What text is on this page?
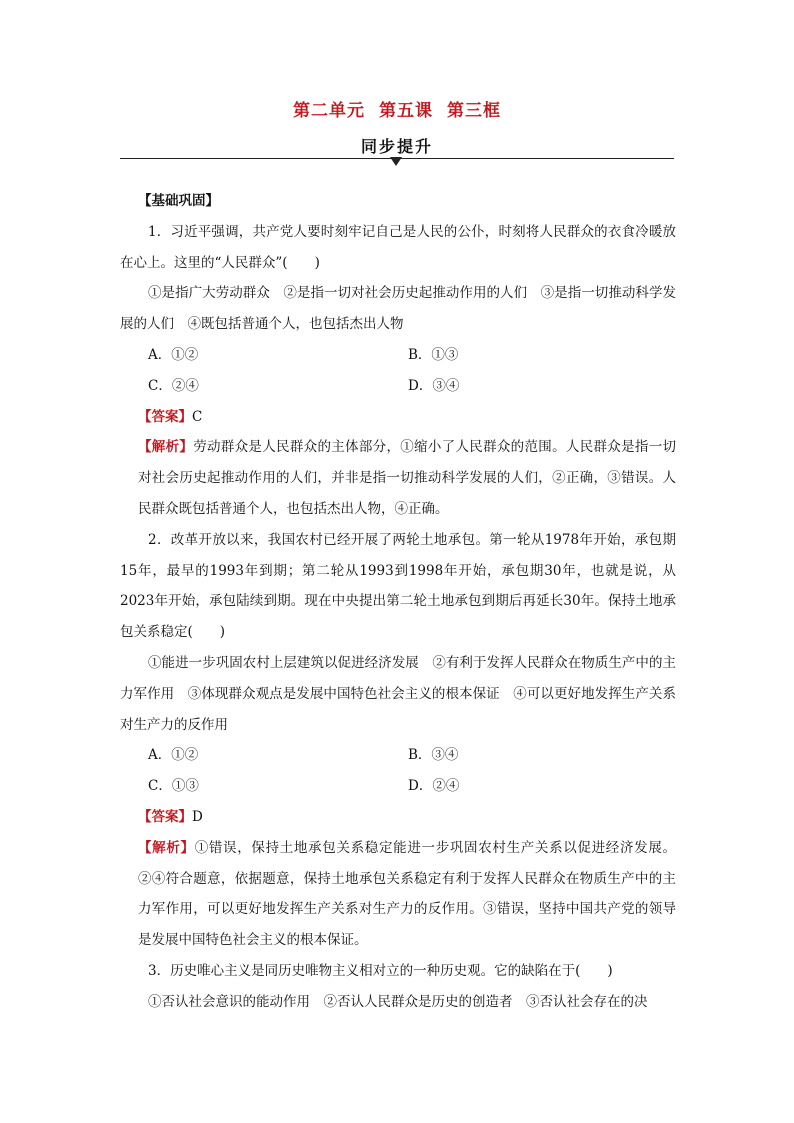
第二单元 第五课 第三框
同步提升

【基础巩固】

1．习近平强调，共产党人要时刻牢记自己是人民的公仆，时刻将人民群众的衣食冷暖放在心上。这里的“人民群众”(　　)

①是指广大劳动群众　②是指一切对社会历史起推动作用的人们　③是指一切推动科学发展的人们　④既包括普通个人，也包括杰出人物

A．①②	B．①③
C．②④	D．③④

【答案】C

【解析】劳动群众是人民群众的主体部分，①缩小了人民群众的范围。人民群众是指一切对社会历史起推动作用的人们，并非是指一切推动科学发展的人们，②正确，③错误。人民群众既包括普通个人，也包括杰出人物，④正确。

2．改革开放以来，我国农村已经开展了两轮土地承包。第一轮从1978年开始，承包期15年，最早的1993年到期；第二轮从1993到1998年开始，承包期30年，也就是说，从2023年开始，承包陆续到期。现在中央提出第二轮土地承包到期后再延长30年。保持土地承包关系稳定(　　)

①能进一步巩固农村上层建筑以促进经济发展　②有利于发挥人民群众在物质生产中的主力军作用　③体现群众观点是发展中国特色社会主义的根本保证　④可以更好地发挥生产关系对生产力的反作用

A．①②	B．③④
C．①③	D．②④

【答案】D

【解析】①错误，保持土地承包关系稳定能进一步巩固农村生产关系以促进经济发展。②④符合题意，依据题意，保持土地承包关系稳定有利于发挥人民群众在物质生产中的主力军作用，可以更好地发挥生产关系对生产力的反作用。③错误，坚持中国共产党的领导是发展中国特色社会主义的根本保证。

3．历史唯心主义是同历史唯物主义相对立的一种历史观。它的缺陷在于(　　)

①否认社会意识的能动作用　②否认人民群众是历史的创造者　③否认社会存在的决
